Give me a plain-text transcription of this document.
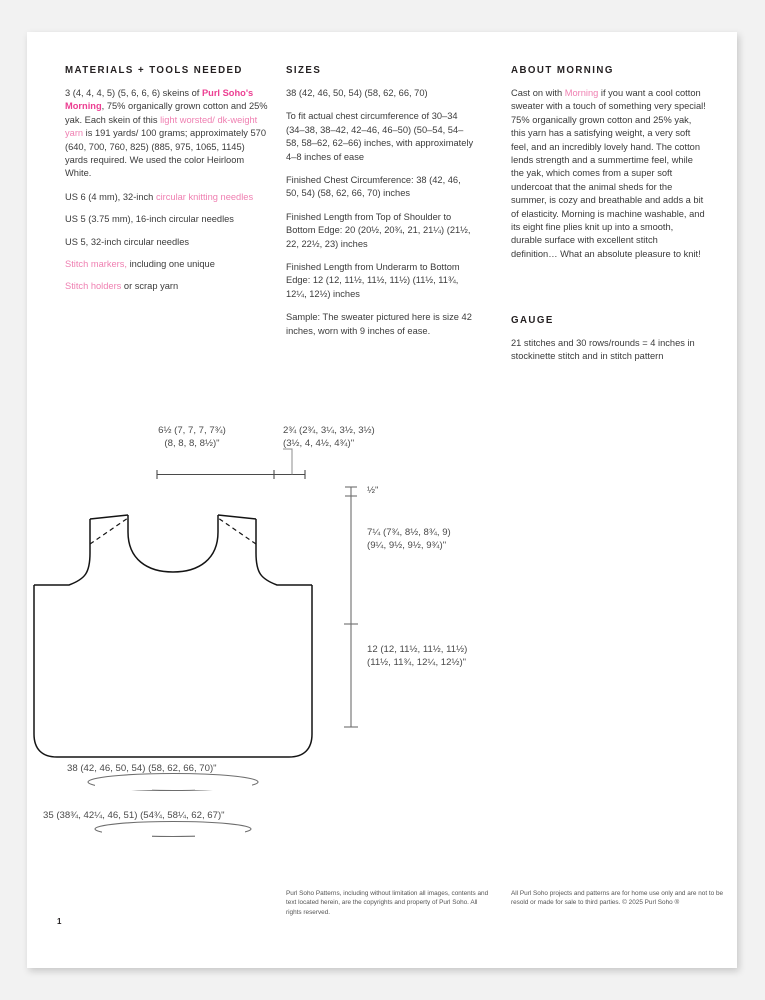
MATERIALS + TOOLS NEEDED

3 (4, 4, 4, 5) (5, 6, 6, 6) skeins of Purl Soho's Morning, 75% organically grown cotton and 25% yak. Each skein of this light worsted/ dk-weight yarn is 191 yards/ 100 grams; approximately 570 (640, 700, 760, 825) (885, 975, 1065, 1145) yards required. We used the color Heirloom White.

US 6 (4 mm), 32-inch circular knitting needles

US 5 (3.75 mm), 16-inch circular needles

US 5, 32-inch circular needles

Stitch markers, including one unique

Stitch holders or scrap yarn

SIZES

38 (42, 46, 50, 54) (58, 62, 66, 70)

To fit actual chest circumference of 30–34 (34–38, 38–42, 42–46, 46–50) (50–54, 54–58, 58–62, 62–66) inches, with approximately 4–8 inches of ease

Finished Chest Circumference: 38 (42, 46, 50, 54) (58, 62, 66, 70) inches

Finished Length from Top of Shoulder to Bottom Edge: 20 (20½, 20¾, 21, 21¼) (21½, 22, 22½, 23) inches

Finished Length from Underarm to Bottom Edge: 12 (12, 11½, 11½, 11½) (11½, 11¾, 12¼, 12½) inches

Sample: The sweater pictured here is size 42 inches, worn with 9 inches of ease.

ABOUT MORNING

Cast on with Morning if you want a cool cotton sweater with a touch of something very special! 75% organically grown cotton and 25% yak, this yarn has a satisfying weight, a very soft feel, and an incredibly lovely hand. The cotton lends strength and a summertime feel, while the yak, which comes from a super soft undercoat that the animal sheds for the summer, is cozy and breathable and adds a bit of elasticity. Morning is machine washable, and its eight fine plies knit up into a smooth, durable surface with excellent stitch definition… What an absolute pleasure to knit!

GAUGE

21 stitches and 30 rows/rounds = 4 inches in stockinette stitch and in stitch pattern

6½ (7, 7, 7, 7¾)
(8, 8, 8, 8½)"
2¾ (2¾, 3¼, 3½, 3½)
(3½, 4, 4½, 4¾)"
½"
7¼ (7¾, 8½, 8¾, 9)
(9¼, 9½, 9½, 9¾)"
12 (12, 11½, 11½, 11½)
(11½, 11¾, 12¼, 12½)"
38 (42, 46, 50, 54) (58, 62, 66, 70)"
35 (38¾, 42¼, 46, 51) (54¾, 58¼, 62, 67)"
Purl Soho Patterns, including without limitation all images, contents and text located herein, are the copyrights and property of Purl Soho. All rights reserved.
All Purl Soho projects and patterns are for home use only and are not to be resold or made for sale to third parties. © 2025 Purl Soho ®
1
